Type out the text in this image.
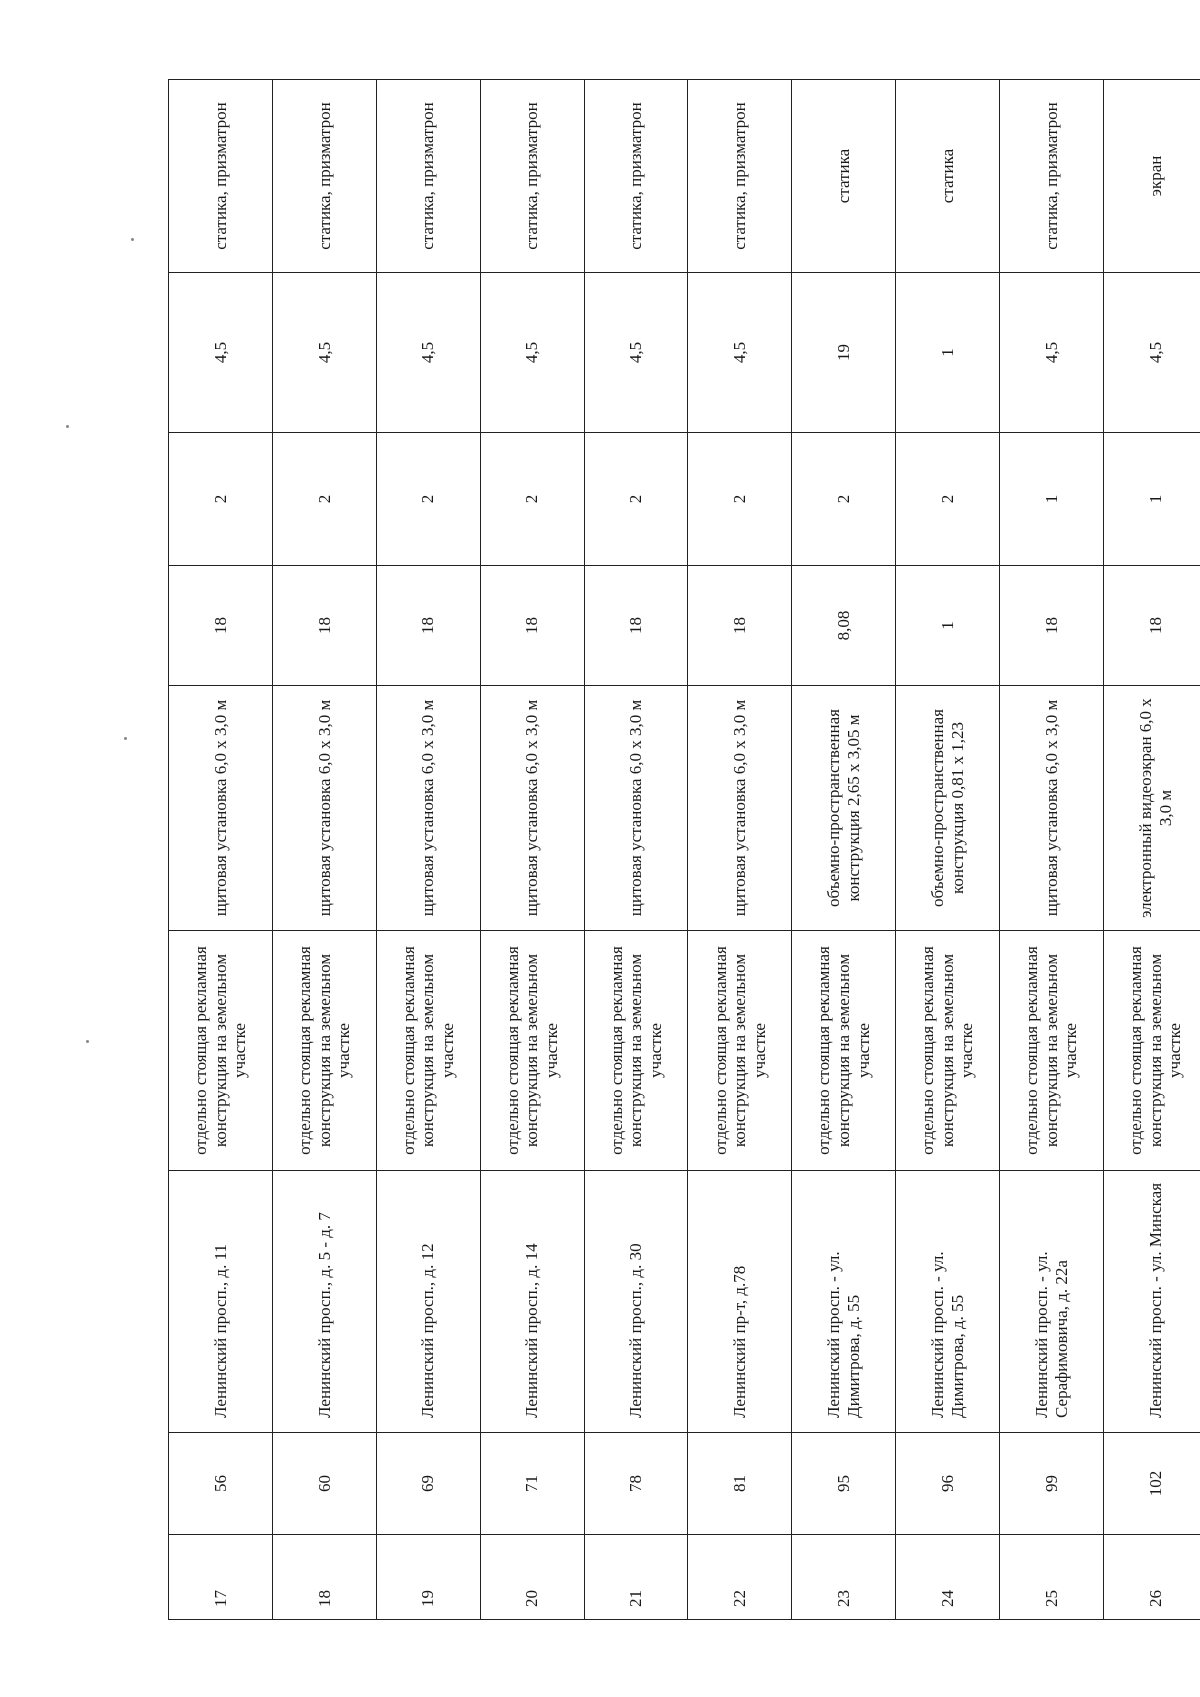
17	56	Ленинский просп., д. 11	отдельно стоящая рекламная конструкция на земельном участке	щитовая установка 6,0 х 3,0 м	18	2	4,5	статика, призматрон
18	60	Ленинский просп., д. 5 - д. 7	отдельно стоящая рекламная конструкция на земельном участке	щитовая установка 6,0 х 3,0 м	18	2	4,5	статика, призматрон
19	69	Ленинский просп., д. 12	отдельно стоящая рекламная конструкция на земельном участке	щитовая установка 6,0 х 3,0 м	18	2	4,5	статика, призматрон
20	71	Ленинский просп., д. 14	отдельно стоящая рекламная конструкция на земельном участке	щитовая установка 6,0 х 3,0 м	18	2	4,5	статика, призматрон
21	78	Ленинский просп., д. 30	отдельно стоящая рекламная конструкция на земельном участке	щитовая установка 6,0 х 3,0 м	18	2	4,5	статика, призматрон
22	81	Ленинский пр-т, д.78	отдельно стоящая рекламная конструкция на земельном участке	щитовая установка 6,0 х 3,0 м	18	2	4,5	статика, призматрон
23	95	Ленинский просп. - ул. Димитрова, д. 55	отдельно стоящая рекламная конструкция на земельном участке	объемно-пространственная конструкция 2,65 х 3,05 м	8,08	2	19	статика
24	96	Ленинский просп. - ул. Димитрова, д. 55	отдельно стоящая рекламная конструкция на земельном участке	объемно-пространственная конструкция 0,81 х 1,23	1	2	1	статика
25	99	Ленинский просп. - ул. Серафимовича, д. 22а	отдельно стоящая рекламная конструкция на земельном участке	щитовая установка 6,0 х 3,0 м	18	1	4,5	статика, призматрон
26	102	Ленинский просп. - ул. Минская	отдельно стоящая рекламная конструкция на земельном участке	электронный видеоэкран 6,0 х 3,0 м	18	1	4,5	экран
